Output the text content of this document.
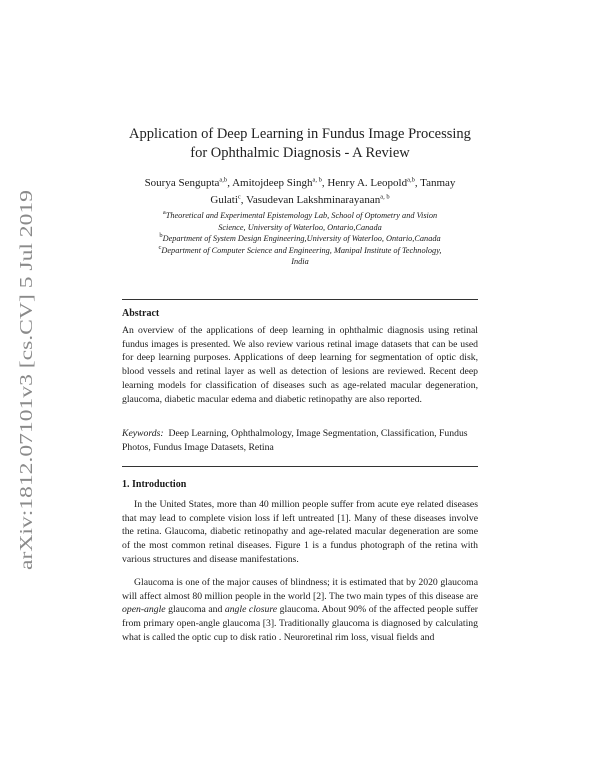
arXiv:1812.07101v3 [cs.CV] 5 Jul 2019
Application of Deep Learning in Fundus Image Processing
for Ophthalmic Diagnosis - A Review
Sourya Sengupta$^{a,b}$, Amitojdeep Singh$^{a, b}$, Henry A. Leopold$^{a,b}$, Tanmay
Gulati$^c$, Vasudevan Lakshminarayanan$^{a, b}$
$^a$Theoretical and Experimental Epistemology Lab, School of Optometry and Vision
Science, University of Waterloo, Ontario,Canada
$^b$Department of System Design Engineering,University of Waterloo, Ontario,Canada
$^c$Department of Computer Science and Engineering, Manipal Institute of Technology,
India
Abstract
An overview of the applications of deep learning in ophthalmic diagnosis using retinal fundus images is presented. We also review various retinal image datasets that can be used for deep learning purposes. Applications of deep learning for segmentation of optic disk, blood vessels and retinal layer as well as detection of lesions are reviewed. Recent deep learning models for classification of diseases such as age-related macular degeneration, glaucoma, diabetic macular edema and diabetic retinopathy are also reported.
Keywords: Deep Learning, Ophthalmology, Image Segmentation, Classification, Fundus Photos, Fundus Image Datasets, Retina
1. Introduction
In the United States, more than 40 million people suffer from acute eye related diseases that may lead to complete vision loss if left untreated [1]. Many of these diseases involve the retina. Glaucoma, diabetic retinopathy and age-related macular degeneration are some of the most common retinal diseases. Figure 1 is a fundus photograph of the retina with various structures and disease manifestations.
Glaucoma is one of the major causes of blindness; it is estimated that by 2020 glaucoma will affect almost 80 million people in the world [2]. The two main types of this disease are open-angle glaucoma and angle closure glaucoma. About 90% of the affected people suffer from primary open-angle glaucoma [3]. Traditionally glaucoma is diagnosed by calculating what is called the optic cup to disk ratio . Neuroretinal rim loss, visual fields and
